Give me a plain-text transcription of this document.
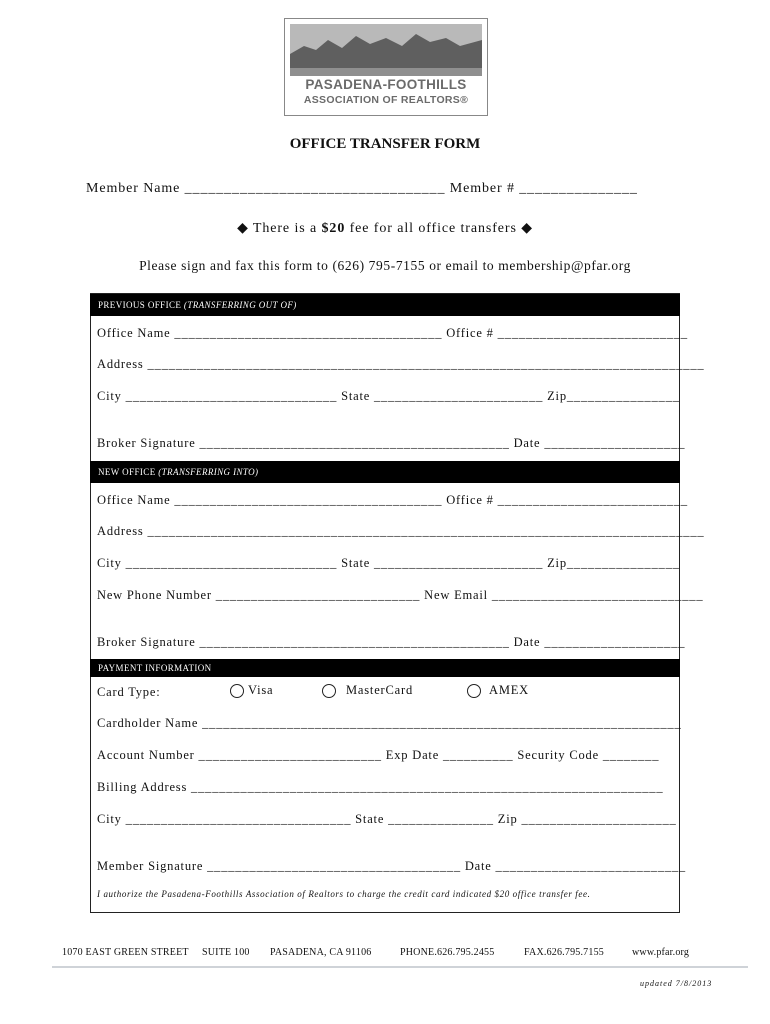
PASADENA-FOOTHILLS
ASSOCIATION OF REALTORS®
OFFICE TRANSFER FORM
Member Name _________________________________ Member # _______________
◆ There is a $20 fee for all office transfers ◆
Please sign and fax this form to (626) 795-7155 or email to membership@pfar.org
PREVIOUS OFFICE (TRANSFERRING OUT OF)
Office Name ______________________________________ Office # ___________________________
Address _______________________________________________________________________________
City ______________________________ State ________________________ Zip________________
Broker Signature ____________________________________________ Date ____________________
NEW OFFICE (TRANSFERRING INTO)
Office Name ______________________________________ Office # ___________________________
Address _______________________________________________________________________________
City ______________________________ State ________________________ Zip________________
New Phone Number _____________________________ New Email ______________________________
Broker Signature ____________________________________________ Date ____________________
PAYMENT INFORMATION
Card Type:	Visa	MasterCard	AMEX
Cardholder Name ____________________________________________________________________
Account Number __________________________ Exp Date __________ Security Code ________
Billing Address ___________________________________________________________________
City ________________________________ State _______________ Zip ______________________
Member Signature ____________________________________ Date ___________________________
I authorize the Pasadena-Foothills Association of Realtors to charge the credit card indicated $20 office transfer fee.
1070 EAST GREEN STREET SUITE 100 PASADENA, CA 91106	PHONE.626.795.2455	FAX.626.795.7155	www.pfar.org
updated 7/8/2013
